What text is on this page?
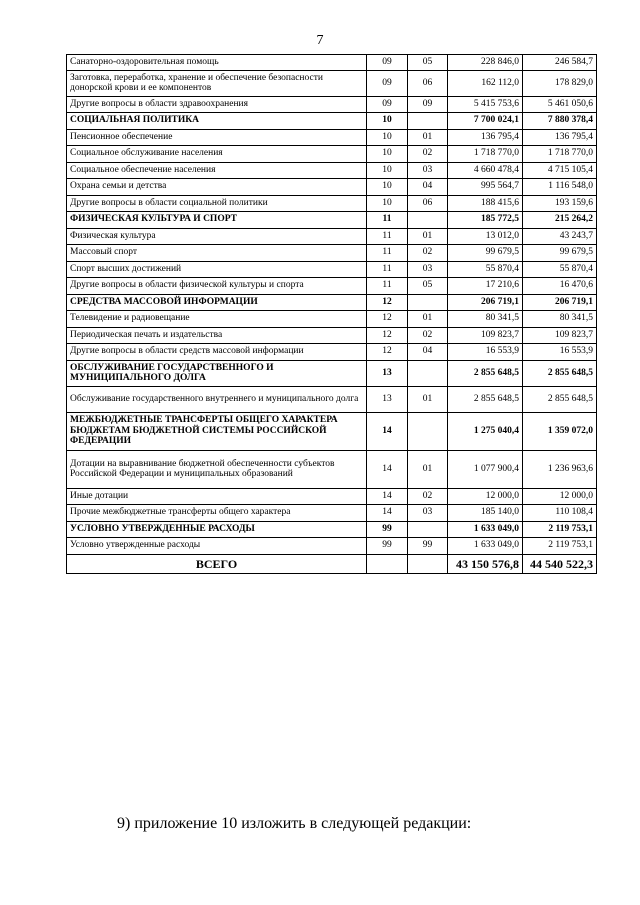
7
Санаторно-оздоровительная помощь	09	05	228 846,0	246 584,7
Заготовка, переработка, хранение и обеспечение безопасности донорской крови и ее компонентов	09	06	162 112,0	178 829,0
Другие вопросы в области здравоохранения	09	09	5 415 753,6	5 461 050,6
СОЦИАЛЬНАЯ ПОЛИТИКА	10		7 700 024,1	7 880 378,4
Пенсионное обеспечение	10	01	136 795,4	136 795,4
Социальное обслуживание населения	10	02	1 718 770,0	1 718 770,0
Социальное обеспечение населения	10	03	4 660 478,4	4 715 105,4
Охрана семьи и детства	10	04	995 564,7	1 116 548,0
Другие вопросы в области социальной политики	10	06	188 415,6	193 159,6
ФИЗИЧЕСКАЯ КУЛЬТУРА И СПОРТ	11		185 772,5	215 264,2
Физическая культура	11	01	13 012,0	43 243,7
Массовый спорт	11	02	99 679,5	99 679,5
Спорт высших достижений	11	03	55 870,4	55 870,4
Другие вопросы в области физической культуры и спорта	11	05	17 210,6	16 470,6
СРЕДСТВА МАССОВОЙ ИНФОРМАЦИИ	12		206 719,1	206 719,1
Телевидение и радиовещание	12	01	80 341,5	80 341,5
Периодическая печать и издательства	12	02	109 823,7	109 823,7
Другие вопросы в области средств массовой информации	12	04	16 553,9	16 553,9
ОБСЛУЖИВАНИЕ ГОСУДАРСТВЕННОГО И МУНИЦИПАЛЬНОГО ДОЛГА	13		2 855 648,5	2 855 648,5
Обслуживание государственного внутреннего и муниципального долга	13	01	2 855 648,5	2 855 648,5
МЕЖБЮДЖЕТНЫЕ ТРАНСФЕРТЫ ОБЩЕГО ХАРАКТЕРА БЮДЖЕТАМ БЮДЖЕТНОЙ СИСТЕМЫ РОССИЙСКОЙ ФЕДЕРАЦИИ	14		1 275 040,4	1 359 072,0
Дотации на выравнивание бюджетной обеспеченности субъектов Российской Федерации и муниципальных образований	14	01	1 077 900,4	1 236 963,6
Иные дотации	14	02	12 000,0	12 000,0
Прочие межбюджетные трансферты общего характера	14	03	185 140,0	110 108,4
УСЛОВНО УТВЕРЖДЕННЫЕ РАСХОДЫ	99		1 633 049,0	2 119 753,1
Условно утвержденные расходы	99	99	1 633 049,0	2 119 753,1
ВСЕГО			43 150 576,8	44 540 522,3
9) приложение 10 изложить в следующей редакции:
